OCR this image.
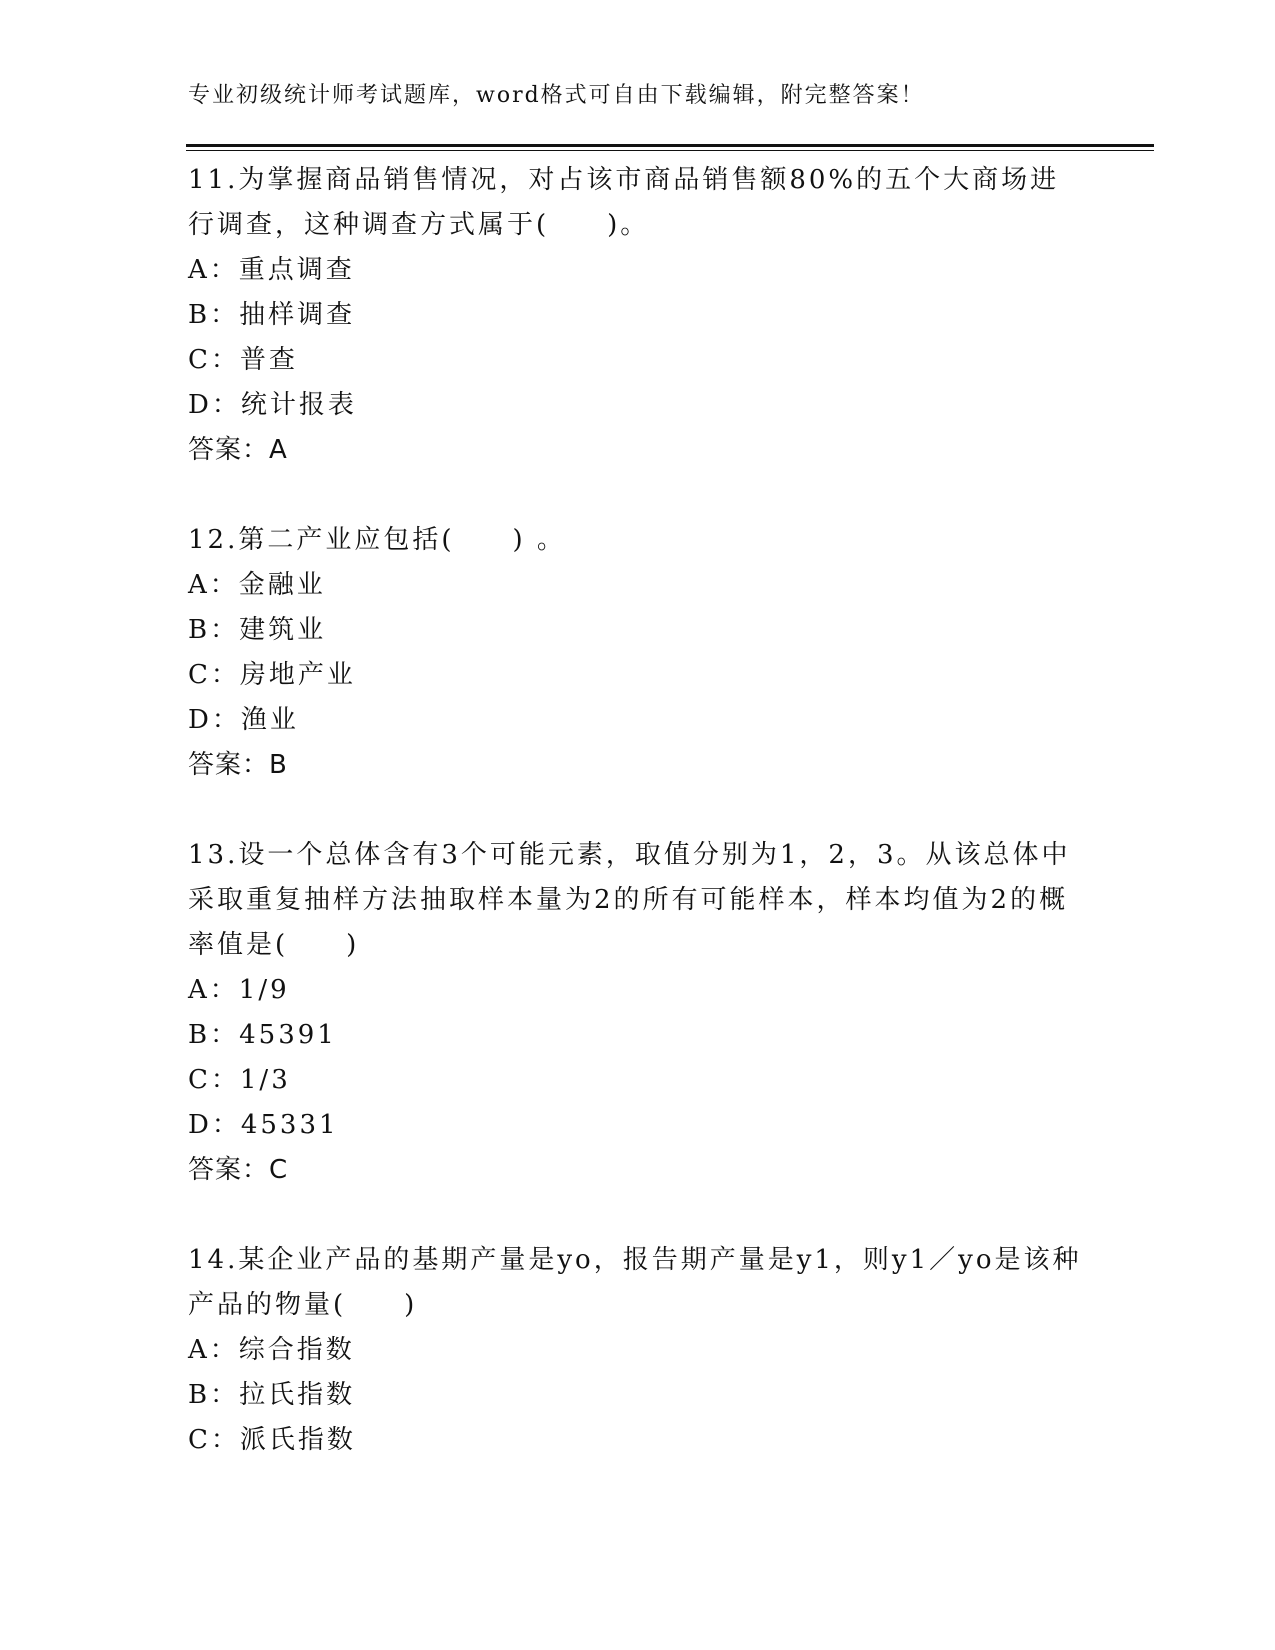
专业初级统计师考试题库，word格式可自由下载编辑，附完整答案！
11.为掌握商品销售情况，对占该市商品销售额80%的五个大商场进行调查，这种调查方式属于(　　)。
A：重点调查
B：抽样调查
C：普查
D：统计报表
答案：A
12.第二产业应包括(　　) 。
A：金融业
B：建筑业
C：房地产业
D：渔业
答案：B
13.设一个总体含有3个可能元素，取值分别为1，2，3。从该总体中采取重复抽样方法抽取样本量为2的所有可能样本，样本均值为2的概率值是(　　)
A：1/9
B：45391
C：1/3
D：45331
答案：C
14.某企业产品的基期产量是yo，报告期产量是y1，则y1／yo是该种产品的物量(　　)
A：综合指数
B：拉氏指数
C：派氏指数
